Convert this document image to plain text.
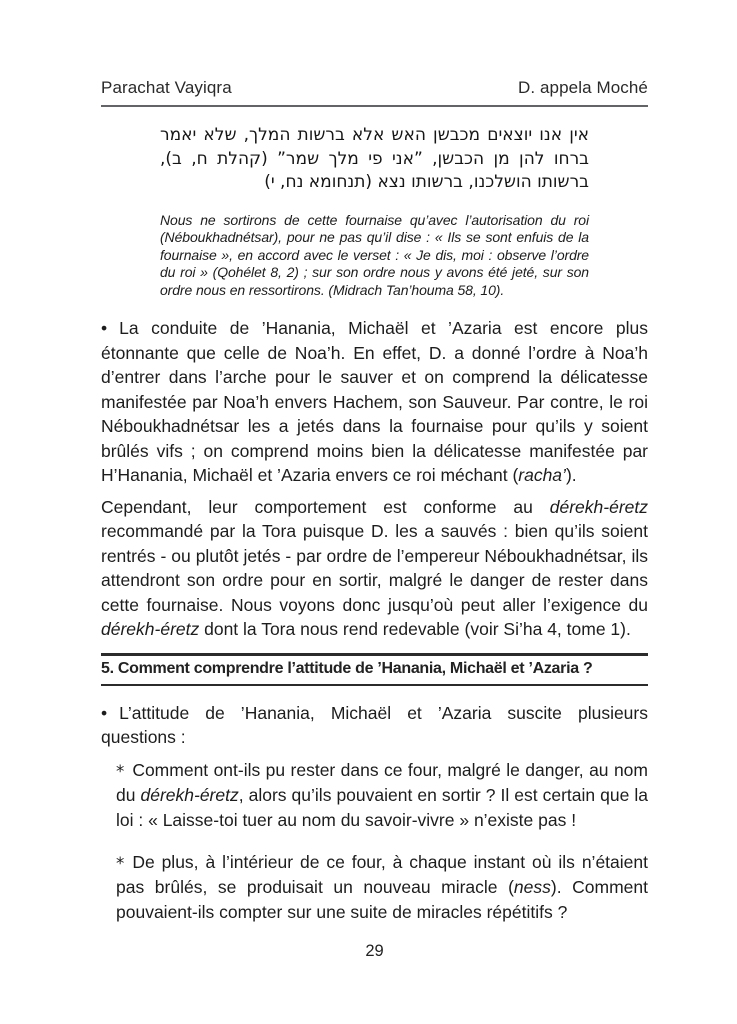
Parachat Vayiqra	D. appela Moché

אין אנו יוצאים מכבשן האש אלא ברשות המלך, שלא יאמר ברחו להן מן הכבשן, ”אני פי מלך שמר” (קהלת ח, ב), ברשותו הושלכנו, ברשותו נצא (תנחומא נח, י)

Nous ne sortirons de cette fournaise qu’avec l’autorisation du roi (Néboukhadnétsar), pour ne pas qu’il dise : « Ils se sont enfuis de la fournaise », en accord avec le verset : « Je dis, moi : observe l’ordre du roi » (Qohélet 8, 2) ; sur son ordre nous y avons été jeté, sur son ordre nous en ressortirons. (Midrach Tan’houma 58, 10).

• La conduite de ’Hanania, Michaël et ’Azaria est encore plus étonnante que celle de Noa’h. En effet, D. a donné l’ordre à Noa’h d’entrer dans l’arche pour le sauver et on comprend la délicatesse manifestée par Noa’h envers Hachem, son Sauveur. Par contre, le roi Néboukhadnétsar les a jetés dans la fournaise pour qu’ils y soient brûlés vifs ; on comprend moins bien la délicatesse manifestée par H’Hanania, Michaël et ’Azaria envers ce roi méchant (racha’).

Cependant, leur comportement est conforme au dérekh-éretz recommandé par la Tora puisque D. les a sauvés : bien qu’ils soient rentrés - ou plutôt jetés - par ordre de l’empereur Néboukhadnétsar, ils attendront son ordre pour en sortir, malgré le danger de rester dans cette fournaise. Nous voyons donc jusqu’où peut aller l’exigence du dérekh-éretz dont la Tora nous rend redevable (voir Si’ha 4, tome 1).

5. Comment comprendre l’attitude de ’Hanania, Michaël et ’Azaria ?

• L’attitude de ’Hanania, Michaël et ’Azaria suscite plusieurs questions :

* Comment ont-ils pu rester dans ce four, malgré le danger, au nom du dérekh-éretz, alors qu’ils pouvaient en sortir ? Il est certain que la loi : « Laisse-toi tuer au nom du savoir-vivre » n’existe pas !

* De plus, à l’intérieur de ce four, à chaque instant où ils n’étaient pas brûlés, se produisait un nouveau miracle (ness). Comment pouvaient-ils compter sur une suite de miracles répétitifs ?

29
